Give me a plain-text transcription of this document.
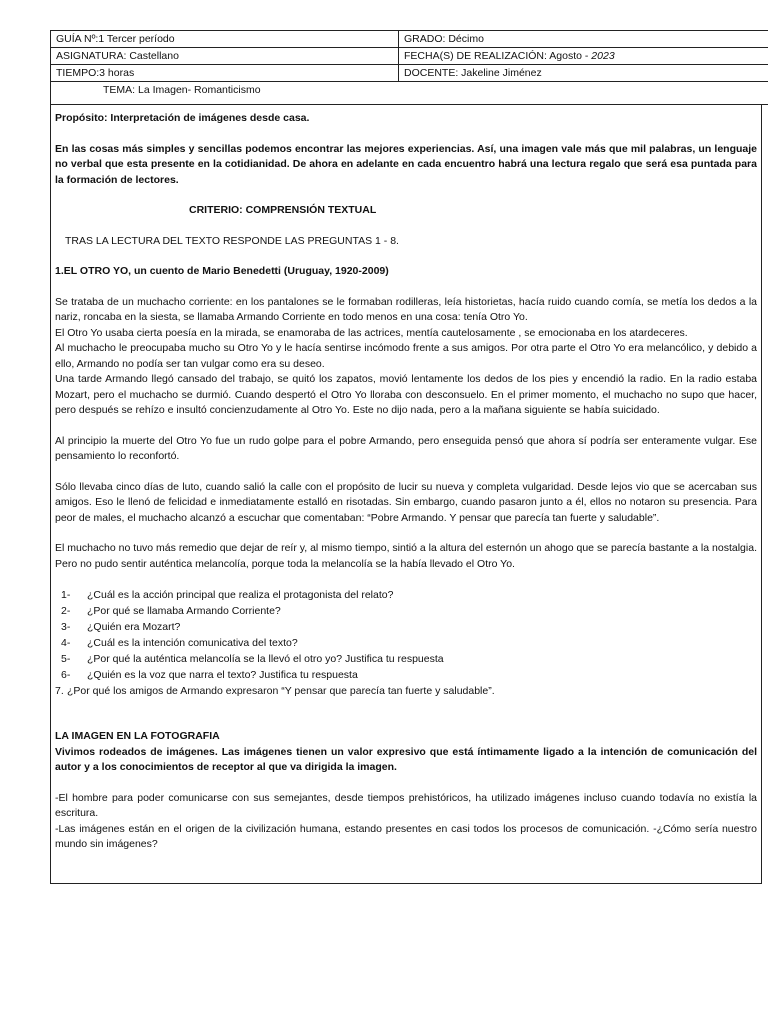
GUÍA Nº:1 Tercer período	GRADO: Décimo
ASIGNATURA: Castellano	FECHA(S) DE REALIZACIÓN: Agosto - 2023
TIEMPO:3 horas	DOCENTE: Jakeline Jiménez
TEMA: La Imagen- Romanticismo	

Propósito: Interpretación de imágenes desde casa.

En las cosas más simples y sencillas podemos encontrar las mejores experiencias. Así, una imagen vale más que mil palabras, un lenguaje no verbal que esta presente en la cotidianidad. De ahora en adelante en cada encuentro habrá una lectura regalo que será esa puntada para la formación de lectores.

CRITERIO: COMPRENSIÓN TEXTUAL

TRAS LA LECTURA DEL TEXTO RESPONDE LAS PREGUNTAS 1 - 8.

1.EL OTRO YO, un cuento de Mario Benedetti (Uruguay, 1920-2009)

Se trataba de un muchacho corriente: en los pantalones se le formaban rodilleras, leía historietas, hacía ruido cuando comía, se metía los dedos a la nariz, roncaba en la siesta, se llamaba Armando Corriente en todo menos en una cosa: tenía Otro Yo.

El Otro Yo usaba cierta poesía en la mirada, se enamoraba de las actrices, mentía cautelosamente , se emocionaba en los atardeceres.

Al muchacho le preocupaba mucho su Otro Yo y le hacía sentirse incómodo frente a sus amigos. Por otra parte el Otro Yo era melancólico, y debido a ello, Armando no podía ser tan vulgar como era su deseo.

Una tarde Armando llegó cansado del trabajo, se quitó los zapatos, movió lentamente los dedos de los pies y encendió la radio. En la radio estaba Mozart, pero el muchacho se durmió. Cuando despertó el Otro Yo lloraba con desconsuelo. En el primer momento, el muchacho no supo que hacer, pero después se rehízo e insultó concienzudamente al Otro Yo. Este no dijo nada, pero a la mañana siguiente se había suicidado.

Al principio la muerte del Otro Yo fue un rudo golpe para el pobre Armando, pero enseguida pensó que ahora sí podría ser enteramente vulgar. Ese pensamiento lo reconfortó.

Sólo llevaba cinco días de luto, cuando salió la calle con el propósito de lucir su nueva y completa vulgaridad. Desde lejos vio que se acercaban sus amigos. Eso le llenó de felicidad e inmediatamente estalló en risotadas. Sin embargo, cuando pasaron junto a él, ellos no notaron su presencia. Para peor de males, el muchacho alcanzó a escuchar que comentaban: “Pobre Armando. Y pensar que parecía tan fuerte y saludable”.

El muchacho no tuvo más remedio que dejar de reír y, al mismo tiempo, sintió a la altura del esternón un ahogo que se parecía bastante a la nostalgia. Pero no pudo sentir auténtica melancolía, porque toda la melancolía se la había llevado el Otro Yo.

1-	¿Cuál es la acción principal que realiza el protagonista del relato?
2-	¿Por qué se llamaba Armando Corriente?
3-	¿Quién era Mozart?
4-	¿Cuál es la intención comunicativa del texto?
5-	¿Por qué la auténtica melancolía se la llevó el otro yo? Justifica tu respuesta
6-	¿Quién es la voz que narra el texto? Justifica tu respuesta
7. ¿Por qué los amigos de Armando expresaron “Y pensar que parecía tan fuerte y saludable”.

LA IMAGEN EN LA FOTOGRAFIA

Vivimos rodeados de imágenes. Las imágenes tienen un valor expresivo que está íntimamente ligado a la intención de comunicación del autor y a los conocimientos de receptor al que va dirigida la imagen.

-El hombre para poder comunicarse con sus semejantes, desde tiempos prehistóricos, ha utilizado imágenes incluso cuando todavía no existía la escritura.

-Las imágenes están en el origen de la civilización humana, estando presentes en casi todos los procesos de comunicación. -¿Cómo sería nuestro mundo sin imágenes?
